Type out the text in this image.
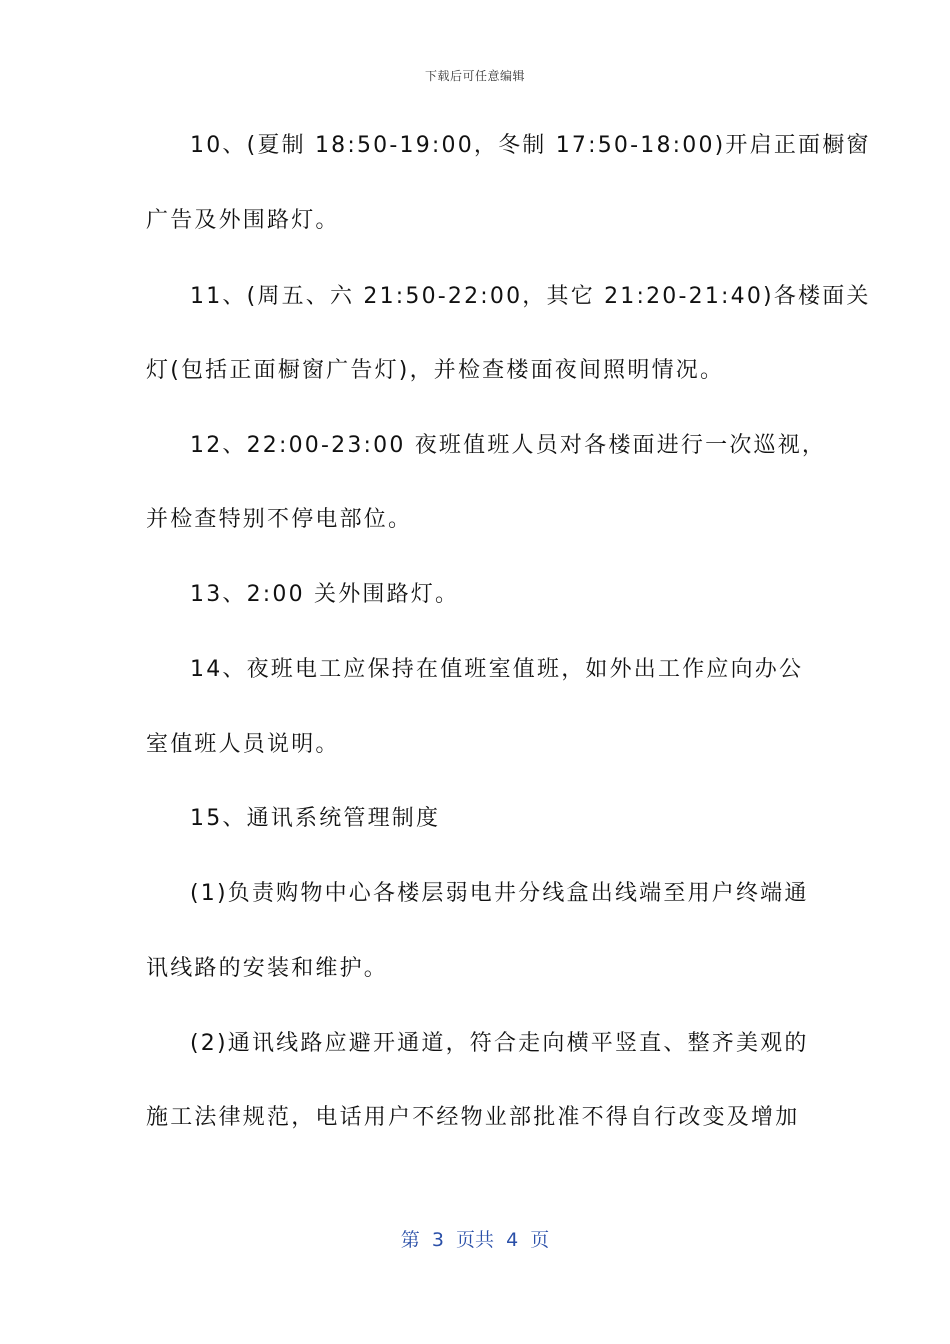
下载后可任意编辑
10、(夏制 18:50-19:00，冬制 17:50-18:00)开启正面橱窗
广告及外围路灯。
11、(周五、六 21:50-22:00，其它 21:20-21:40)各楼面关
灯(包括正面橱窗广告灯)，并检查楼面夜间照明情况。
12、22:00-23:00 夜班值班人员对各楼面进行一次巡视，
并检查特别不停电部位。
13、2:00 关外围路灯。
14、夜班电工应保持在值班室值班，如外出工作应向办公
室值班人员说明。
15、通讯系统管理制度
(1)负责购物中心各楼层弱电井分线盒出线端至用户终端通
讯线路的安装和维护。
(2)通讯线路应避开通道，符合走向横平竖直、整齐美观的
施工法律规范，电话用户不经物业部批准不得自行改变及增加
第  3  页共  4  页
